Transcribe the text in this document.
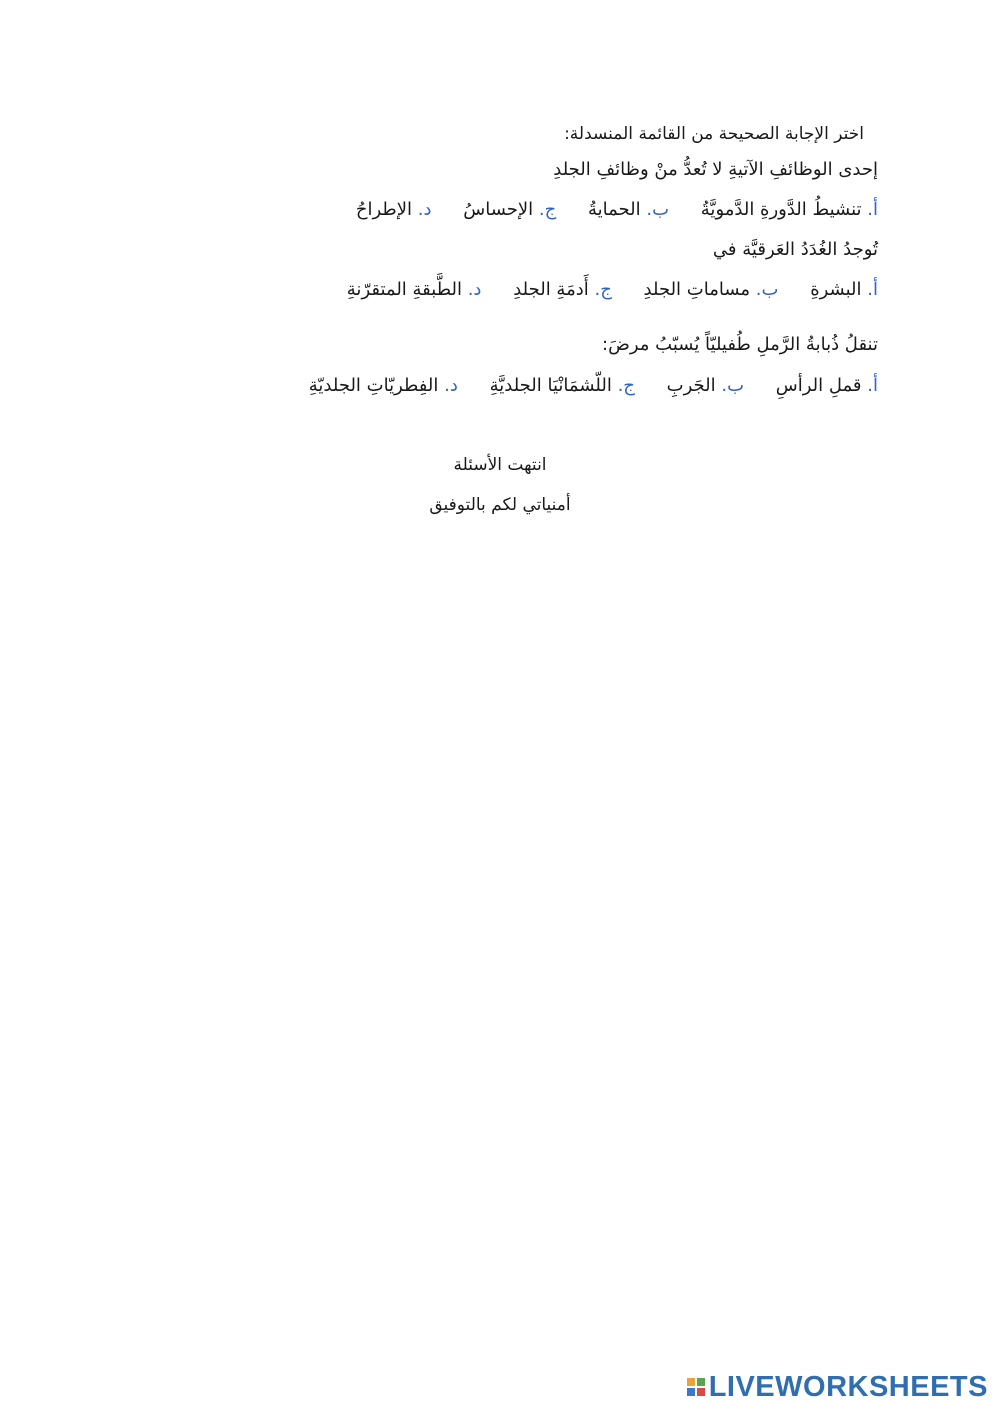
اختر الإجابة الصحيحة من القائمة المنسدلة:
إحدى الوظائفِ الآتيةِ لا تُعدُّ منْ وظائفِ الجلدِ
أ. تنشيطُ الدَّورةِ الدَّمويَّةُ ب. الحمايةُ ج. الإحساسُ د. الإطراحُ
تُوجدُ الغُدَدُ العَرقيَّة في
أ. البشرةِ ب. مساماتِ الجلدِ ج. أَدمَةِ الجلدِ د. الطَّبقةِ المتقرّنةِ
تنقلُ ذُبابةُ الرَّملِ طُفيليّاً يُسبّبُ مرضَ:
أ. قملِ الرأسِ ب. الجَربِ ج. اللّشمَانْيَا الجلديَّةِ د. الفِطريّاتِ الجلديّةِ
انتهت الأسئلة
أمنياتي لكم بالتوفيق
LIVEWORKSHEETS
